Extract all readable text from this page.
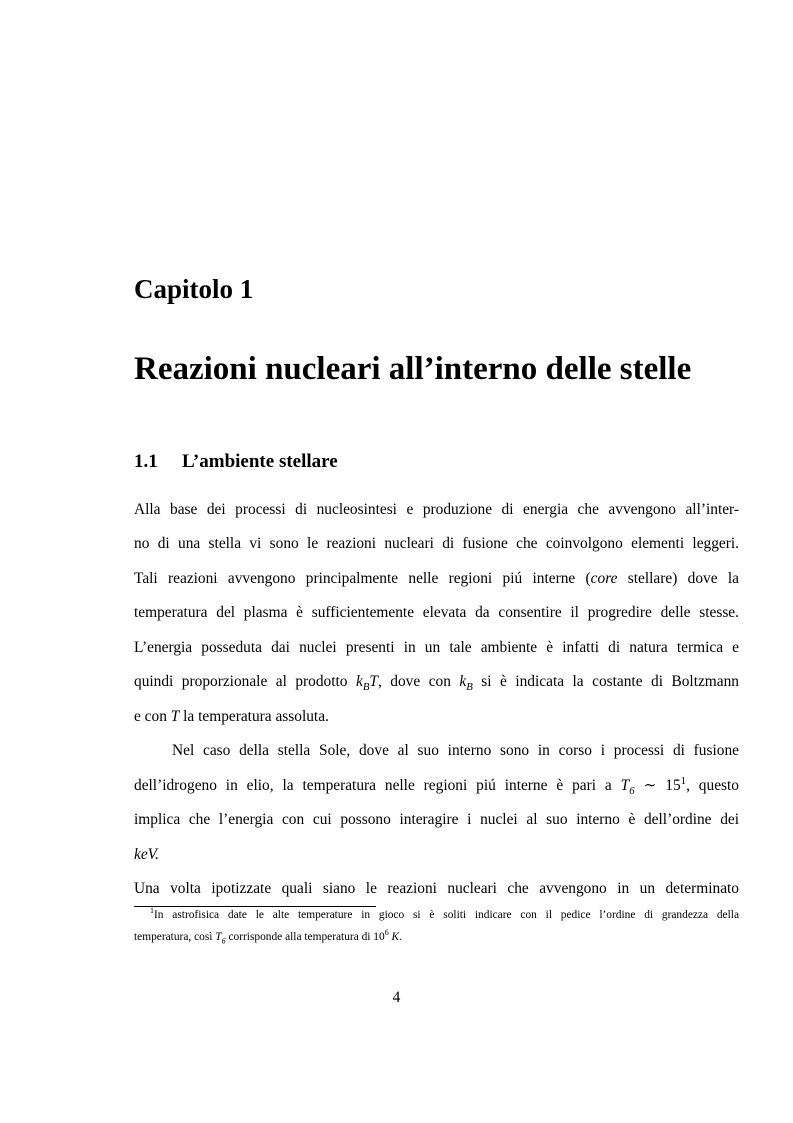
Capitolo 1
Reazioni nucleari all’interno delle stelle
1.1 L’ambiente stellare
Alla base dei processi di nucleosintesi e produzione di energia che avvengono all’inter-
no di una stella vi sono le reazioni nucleari di fusione che coinvolgono elementi leggeri.
Tali reazioni avvengono principalmente nelle regioni piú interne (core stellare) dove la
temperatura del plasma è sufficientemente elevata da consentire il progredire delle stesse.
L’energia posseduta dai nuclei presenti in un tale ambiente è infatti di natura termica e
quindi proporzionale al prodotto $k_BT$, dove con $k_B$ si è indicata la costante di Boltzmann
e con T la temperatura assoluta.
Nel caso della stella Sole, dove al suo interno sono in corso i processi di fusione
dell’idrogeno in elio, la temperatura nelle regioni piú interne è pari a $T_6$ ∼ $15^1$, questo
implica che l’energia con cui possono interagire i nuclei al suo interno è dell’ordine dei
keV.
Una volta ipotizzate quali siano le reazioni nucleari che avvengono in un determinato
$^1$In astrofisica date le alte temperature in gioco si è soliti indicare con il pedice l’ordine di grandezza della
temperatura, così $T_6$ corrisponde alla temperatura di $10^6$ K.
4
